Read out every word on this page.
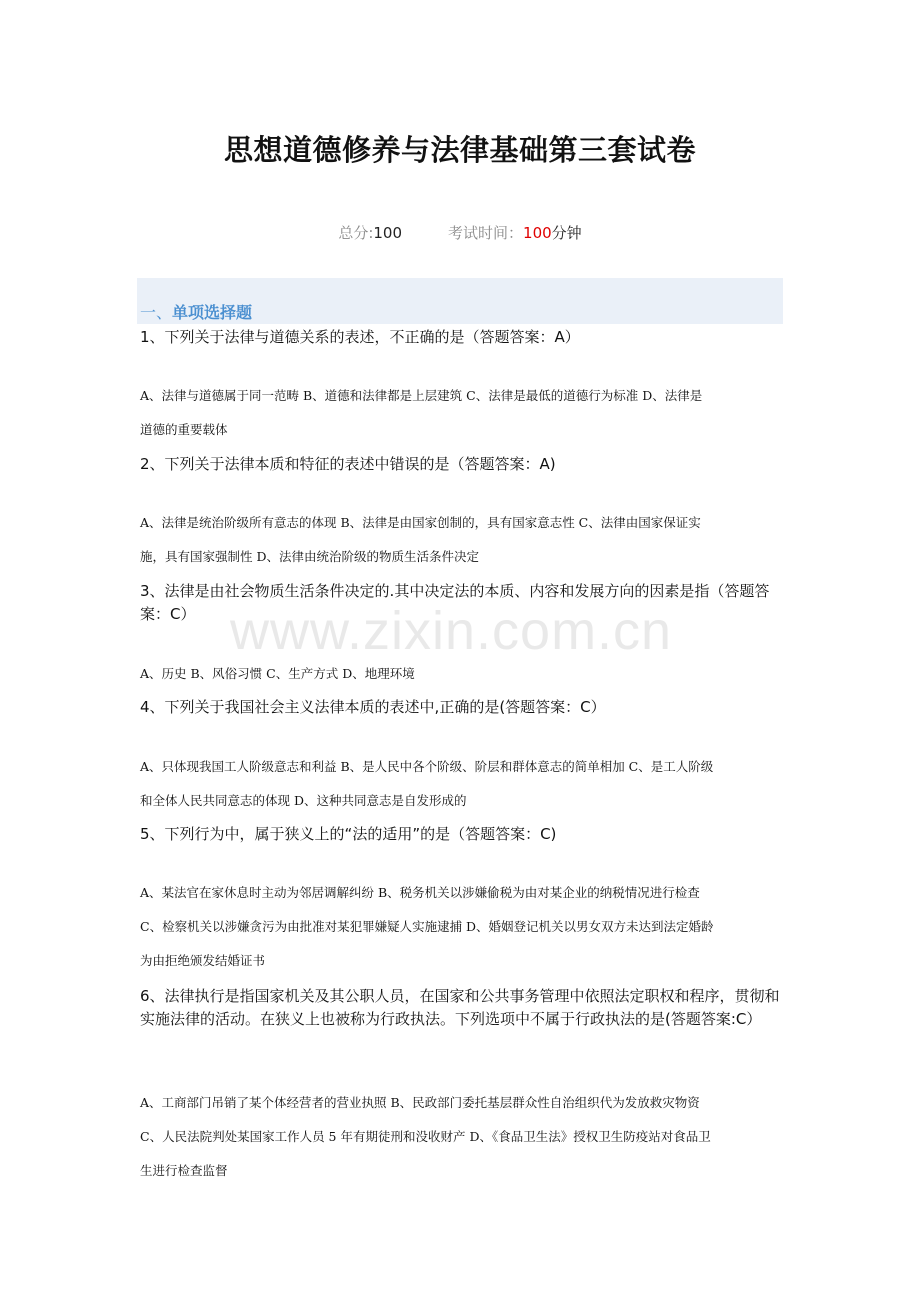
思想道德修养与法律基础第三套试卷
总分:100	考试时间：100分钟
一、单项选择题
www.zixin.com.cn
1、下列关于法律与道德关系的表述，不正确的是（答题答案：A）
A、法律与道德属于同一范畴 B、道德和法律都是上层建筑 C、法律是最低的道德行为标准 D、法律是
道德的重要载体
2、下列关于法律本质和特征的表述中错误的是（答题答案：A)
A、法律是统治阶级所有意志的体现 B、法律是由国家创制的，具有国家意志性 C、法律由国家保证实
施，具有国家强制性 D、法律由统治阶级的物质生活条件决定
3、法律是由社会物质生活条件决定的.其中决定法的本质、内容和发展方向的因素是指（答题答案：C）
A、历史 B、风俗习惯 C、生产方式 D、地理环境
4、下列关于我国社会主义法律本质的表述中,正确的是(答题答案：C）
A、只体现我国工人阶级意志和利益 B、是人民中各个阶级、阶层和群体意志的简单相加 C、是工人阶级
和全体人民共同意志的体现 D、这种共同意志是自发形成的
5、下列行为中，属于狭义上的“法的适用”的是（答题答案：C)
A、某法官在家休息时主动为邻居调解纠纷 B、税务机关以涉嫌偷税为由对某企业的纳税情况进行检查
C、检察机关以涉嫌贪污为由批准对某犯罪嫌疑人实施逮捕 D、婚姻登记机关以男女双方未达到法定婚龄
为由拒绝颁发结婚证书
6、法律执行是指国家机关及其公职人员，在国家和公共事务管理中依照法定职权和程序，贯彻和实施法律的活动。在狭义上也被称为行政执法。下列选项中不属于行政执法的是(答题答案:C）
A、工商部门吊销了某个体经营者的营业执照 B、民政部门委托基层群众性自治组织代为发放救灾物资
C、人民法院判处某国家工作人员 5 年有期徒刑和没收财产 D、《食品卫生法》授权卫生防疫站对食品卫
生进行检查监督
